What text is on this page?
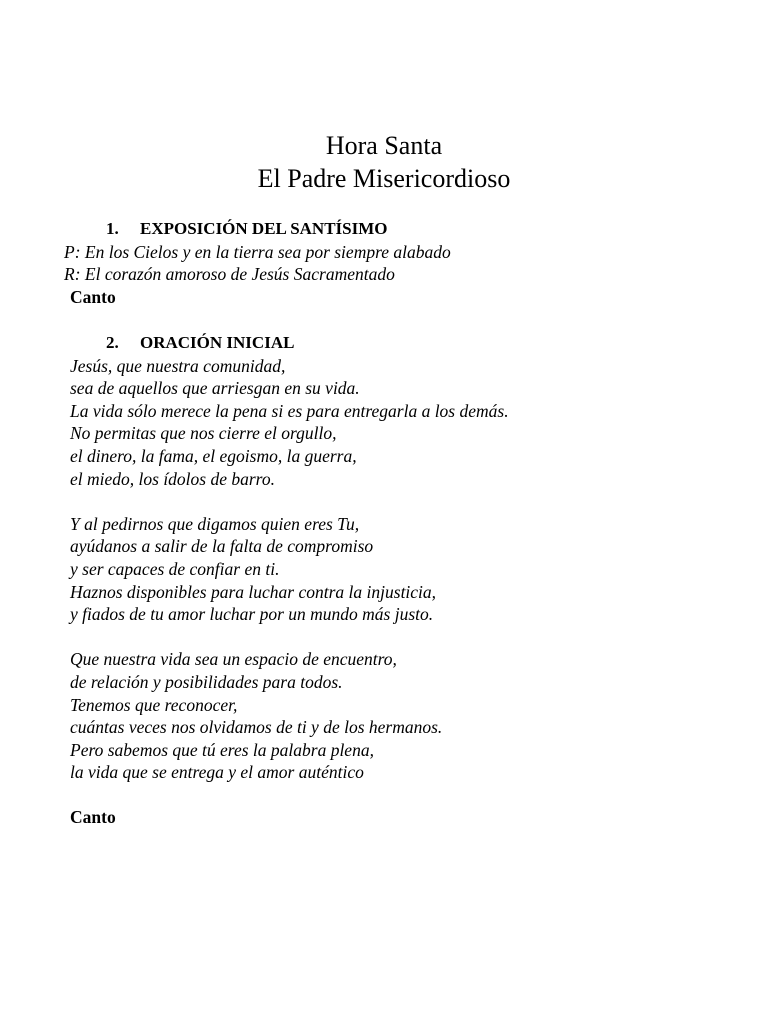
Hora Santa
El Padre Misericordioso
1. EXPOSICIÓN DEL SANTÍSIMO
P: En los Cielos y en la tierra sea por siempre alabado
R: El corazón amoroso de Jesús Sacramentado
Canto
2. ORACIÓN INICIAL
Jesús, que nuestra comunidad,
sea de aquellos que arriesgan en su vida.
La vida sólo merece la pena si es para entregarla a los demás.
No permitas que nos cierre el orgullo,
el dinero, la fama, el egoismo, la guerra,
el miedo, los ídolos de barro.
Y al pedirnos que digamos quien eres Tu,
ayúdanos a salir de la falta de compromiso
y ser capaces de confiar en ti.
Haznos disponibles para luchar contra la injusticia,
y fiados de tu amor luchar por un mundo más justo.
Que nuestra vida sea un espacio de encuentro,
de relación y posibilidades para todos.
Tenemos que reconocer,
cuántas veces nos olvidamos de ti y de los hermanos.
Pero sabemos que tú eres la palabra plena,
la vida que se entrega y el amor auténtico
Canto
